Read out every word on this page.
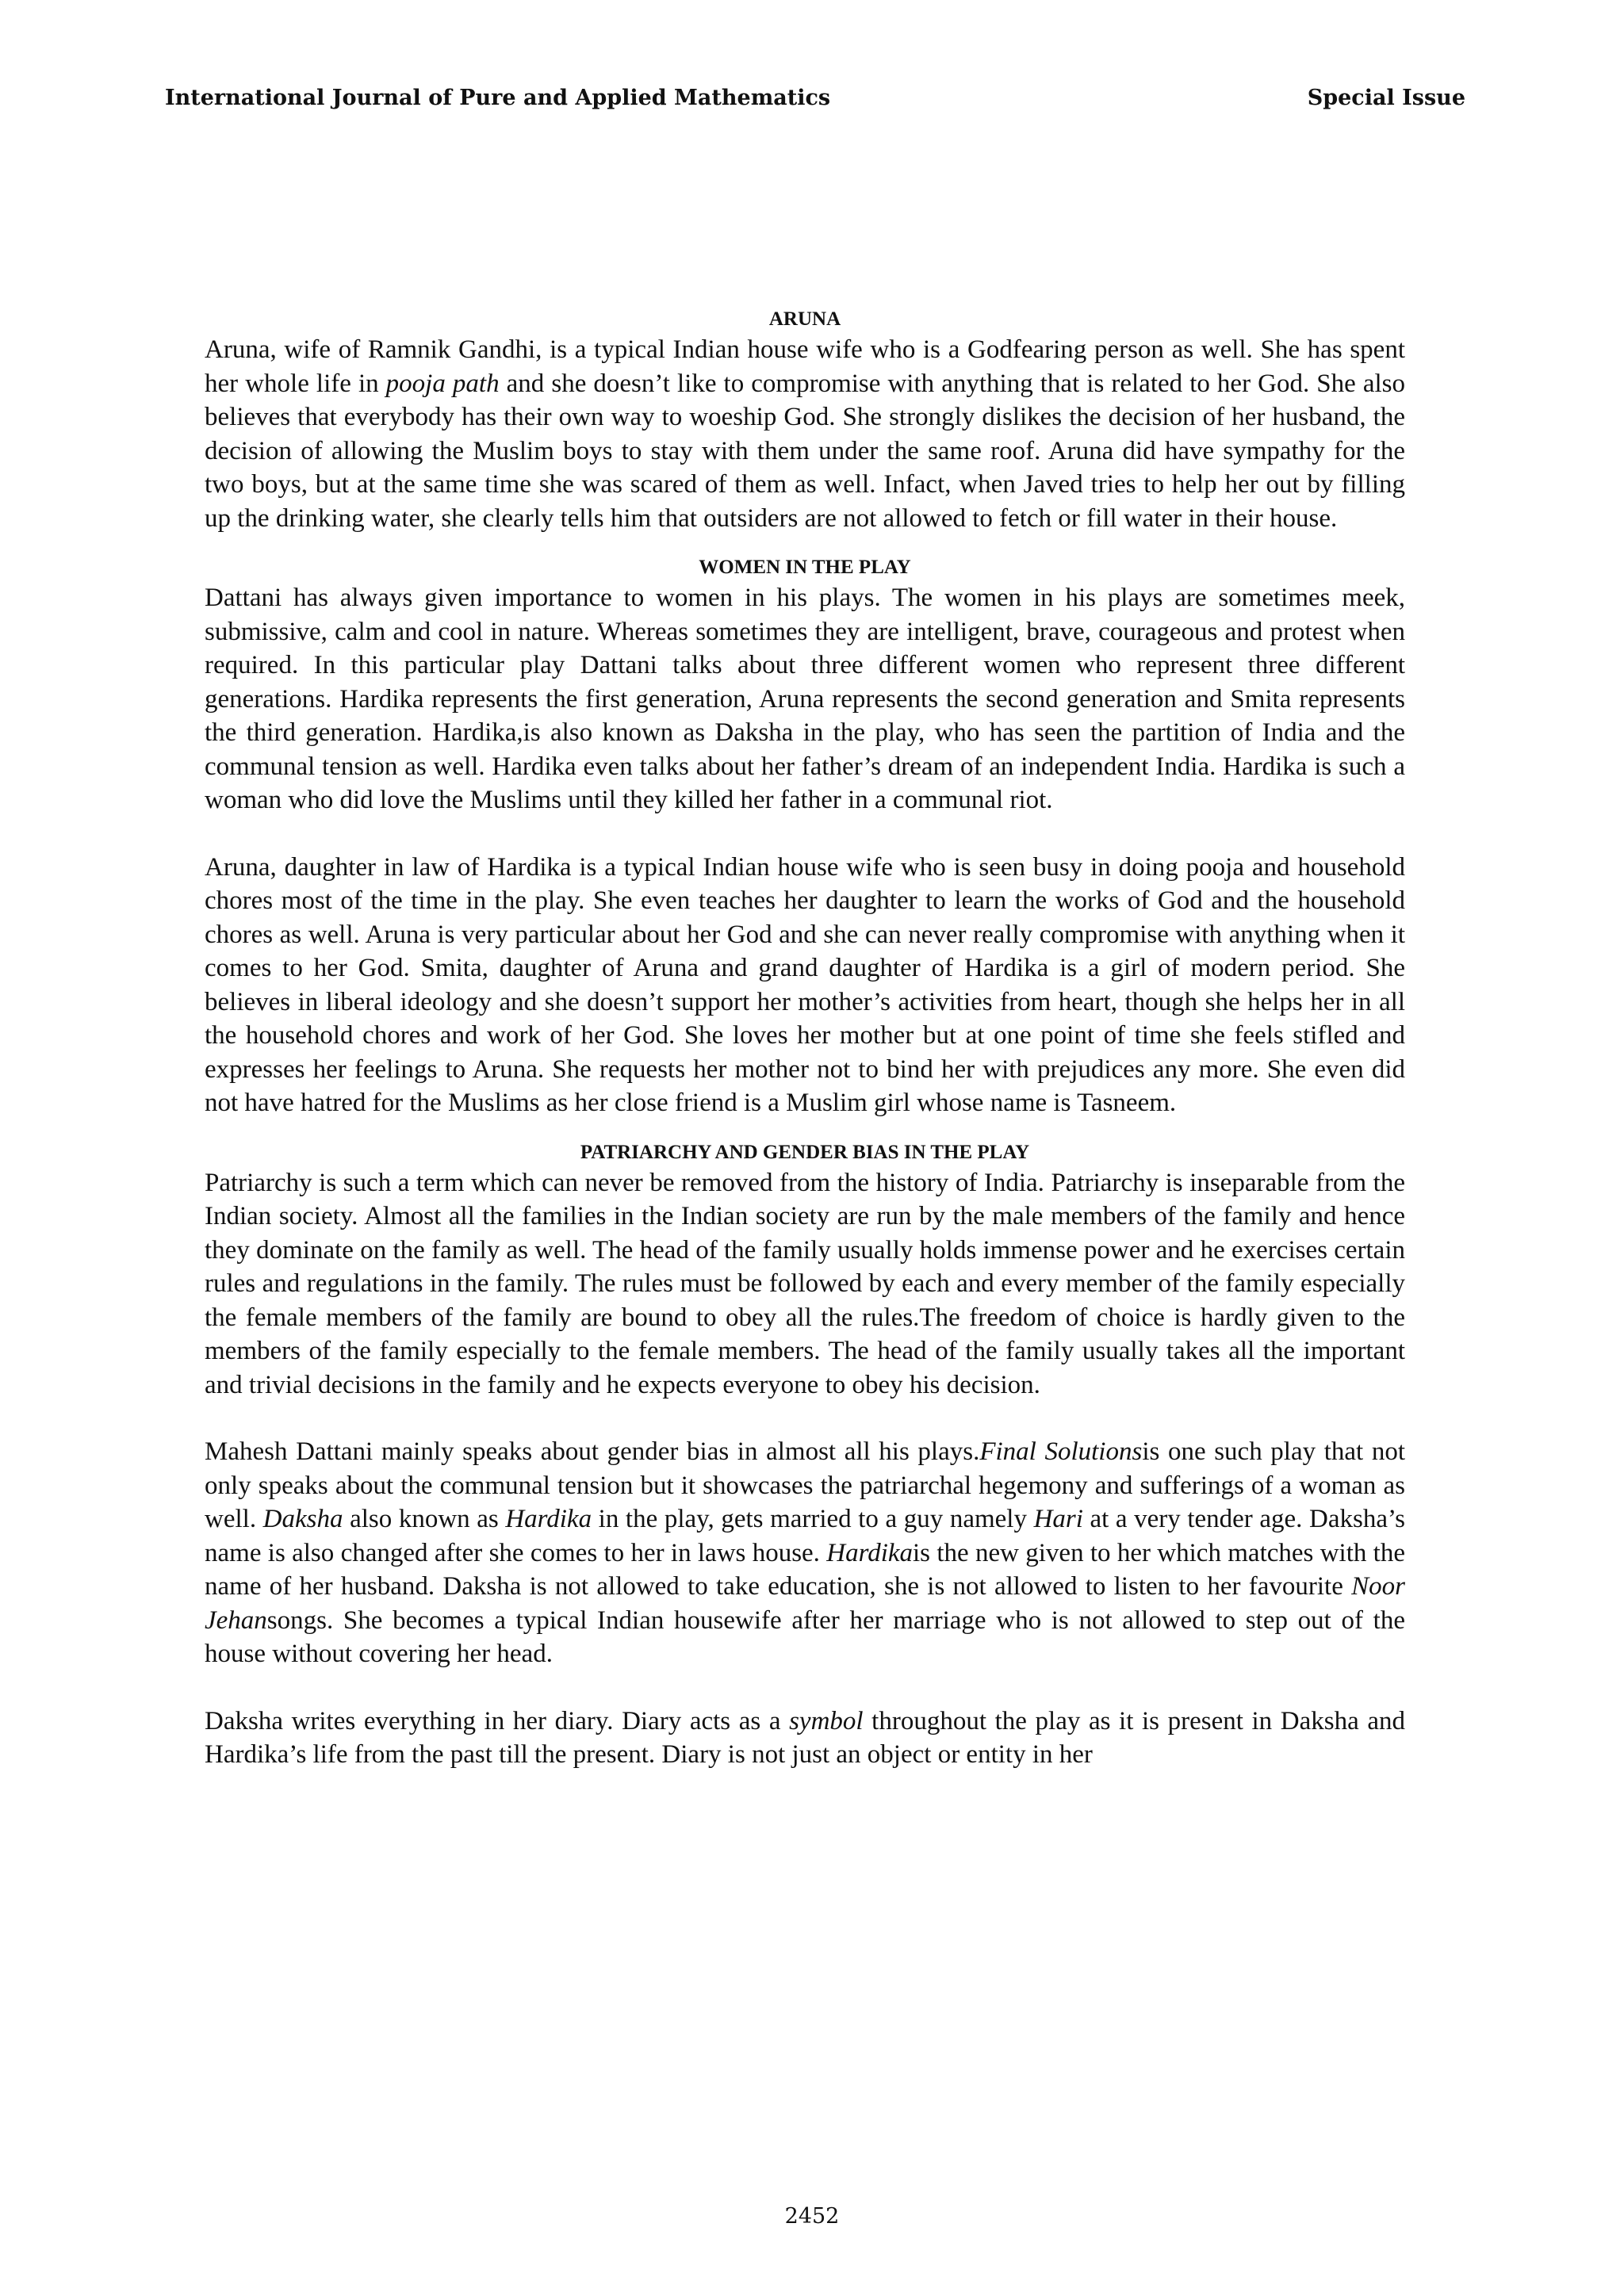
International Journal of Pure and Applied Mathematics	Special Issue
ARUNA

Aruna, wife of Ramnik Gandhi, is a typical Indian house wife who is a Godfearing person as well. She has spent her whole life in pooja path and she doesn’t like to compromise with anything that is related to her God. She also believes that everybody has their own way to woeship God. She strongly dislikes the decision of her husband, the decision of allowing the Muslim boys to stay with them under the same roof. Aruna did have sympathy for the two boys, but at the same time she was scared of them as well. Infact, when Javed tries to help her out by filling up the drinking water, she clearly tells him that outsiders are not allowed to fetch or fill water in their house.

WOMEN IN THE PLAY

Dattani has always given importance to women in his plays. The women in his plays are sometimes meek, submissive, calm and cool in nature. Whereas sometimes they are intelligent, brave, courageous and protest when required. In this particular play Dattani talks about three different women who represent three different generations. Hardika represents the first generation, Aruna represents the second generation and Smita represents the third generation. Hardika,is also known as Daksha in the play, who has seen the partition of India and the communal tension as well. Hardika even talks about her father’s dream of an independent India. Hardika is such a woman who did love the Muslims until they killed her father in a communal riot.

Aruna, daughter in law of Hardika is a typical Indian house wife who is seen busy in doing pooja and household chores most of the time in the play. She even teaches her daughter to learn the works of God and the household chores as well. Aruna is very particular about her God and she can never really compromise with anything when it comes to her God. Smita, daughter of Aruna and grand daughter of Hardika is a girl of modern period. She believes in liberal ideology and she doesn’t support her mother’s activities from heart, though she helps her in all the household chores and work of her God. She loves her mother but at one point of time she feels stifled and expresses her feelings to Aruna. She requests her mother not to bind her with prejudices any more. She even did not have hatred for the Muslims as her close friend is a Muslim girl whose name is Tasneem.

PATRIARCHY AND GENDER BIAS IN THE PLAY

Patriarchy is such a term which can never be removed from the history of India. Patriarchy is inseparable from the Indian society. Almost all the families in the Indian society are run by the male members of the family and hence they dominate on the family as well. The head of the family usually holds immense power and he exercises certain rules and regulations in the family. The rules must be followed by each and every member of the family especially the female members of the family are bound to obey all the rules.The freedom of choice is hardly given to the members of the family especially to the female members. The head of the family usually takes all the important and trivial decisions in the family and he expects everyone to obey his decision.

Mahesh Dattani mainly speaks about gender bias in almost all his plays.Final Solutionsis one such play that not only speaks about the communal tension but it showcases the patriarchal hegemony and sufferings of a woman as well. Daksha also known as Hardika in the play, gets married to a guy namely Hari at a very tender age. Daksha’s name is also changed after she comes to her in laws house. Hardikais the new given to her which matches with the name of her husband. Daksha is not allowed to take education, she is not allowed to listen to her favourite Noor Jehansongs. She becomes a typical Indian housewife after her marriage who is not allowed to step out of the house without covering her head.

Daksha writes everything in her diary. Diary acts as a symbol throughout the play as it is present in Daksha and Hardika’s life from the past till the present. Diary is not just an object or entity in her

2452
